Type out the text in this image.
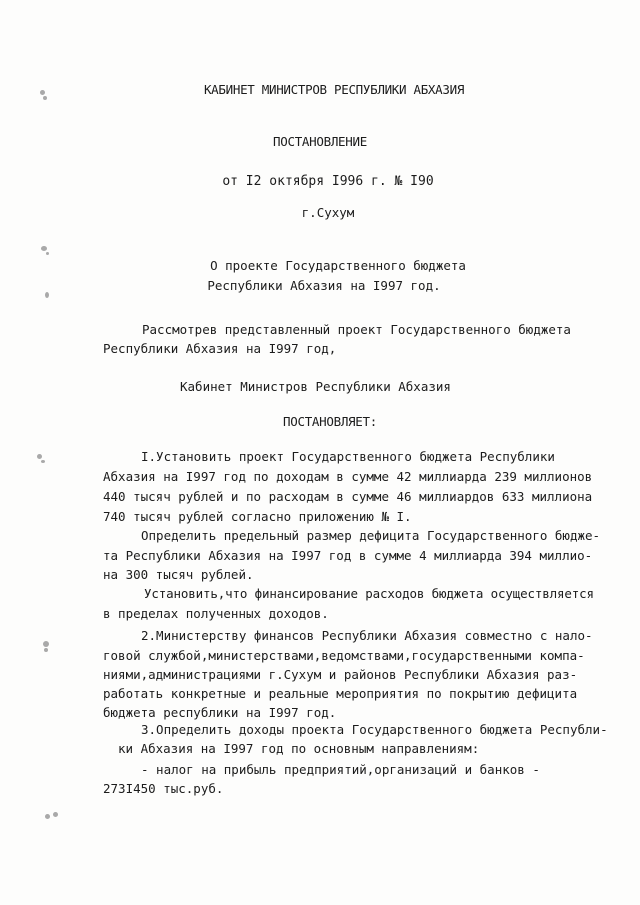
КАБИНЕТ МИНИСТРОВ РЕСПУБЛИКИ АБХАЗИЯ
ПОСТАНОВЛЕНИЕ
от I2 октября I996 г. № I90
г.Сухум
О проекте Государственного бюджета
Республики Абхазия на I997 год.
Рассмотрев представленный проект Государственного бюджета
Республики Абхазия на I997 год,
Кабинет Министров Республики Абхазия
ПОСТАНОВЛЯЕТ:
I.Установить проект Государственного бюджета Республики
Абхазия на I997 год по доходам в сумме 42 миллиарда 239 миллионов
440 тысяч рублей и по расходам в сумме 46 миллиардов 633 миллиона
740 тысяч рублей согласно приложению № I.
Определить предельный размер дефицита Государственного бюдже-
та Республики Абхазия на I997 год в сумме 4 миллиарда 394 миллио-
на 300 тысяч рублей.
Установить,что финансирование расходов бюджета осуществляется
в пределах полученных доходов.
2.Министерству финансов Республики Абхазия совместно с нало-
говой службой,министерствами,ведомствами,государственными компа-
ниями,администрациями г.Сухум и районов Республики Абхазия раз-
работать конкретные и реальные мероприятия по покрытию дефицита
бюджета республики на I997 год.
3.Определить доходы проекта Государственного бюджета Республи-
ки Абхазия на I997 год по основным направлениям:
- налог на прибыль предприятий,организаций и банков -
273I450 тыс.руб.
